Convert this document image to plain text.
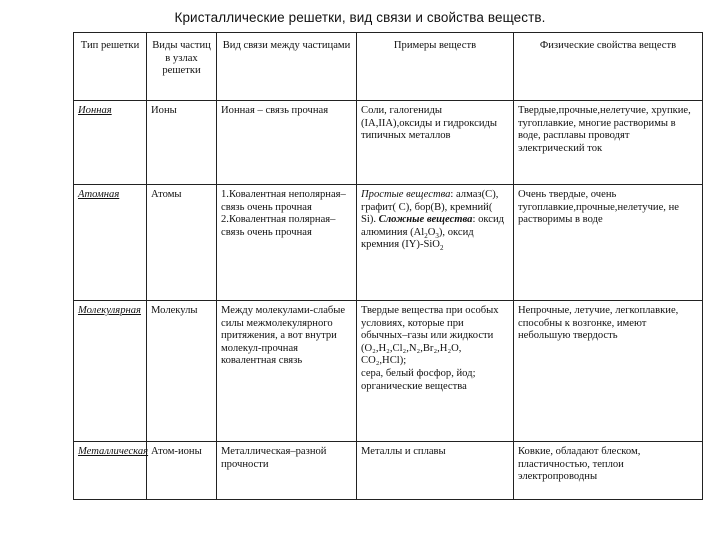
Кристаллические решетки, вид связи и свойства веществ.
Тип решетки	Виды частиц в узлах решетки	Вид связи между частицами	Примеры веществ	Физические свойства веществ
Ионная	Ионы	Ионная – связь прочная	Соли, галогениды (IA,IIA),оксиды и гидроксиды типичных металлов	Твердые,прочные,нелетучие, хрупкие, тугоплавкие, многие растворимы в воде, расплавы проводят электрический ток
Атомная	Атомы	1.Ковалентная неполярная–связь очень прочная
2.Ковалентная полярная–связь очень прочная	Простые вещества: алмаз(C), графит( C), бор(B), кремний( Si). Сложные вещества: оксид алюминия $(Al_2O_3)$, оксид кремния (IY)-SiO$_2$	Очень твердые, очень тугоплавкие,прочные,нелетучие, не растворимы в воде
Молекулярная	Молекулы	Между молекулами-слабые силы межмолекулярного притяжения, а вот внутри молекул-прочная ковалентная связь	Твердые вещества при особых условиях, которые при обычных–газы или жидкости
(O₂,H₂,Cl₂,N₂,Br₂,H₂O,
CO₂,HCl);
сера, белый фосфор, йод; органические вещества	Непрочные, летучие, легкоплавкие, способны к возгонке, имеют небольшую твердость
Металлическая	Атом-ионы	Металлическая–разной прочности	Металлы и сплавы	Ковкие, обладают блеском, пластичностью, теплои электропроводны
